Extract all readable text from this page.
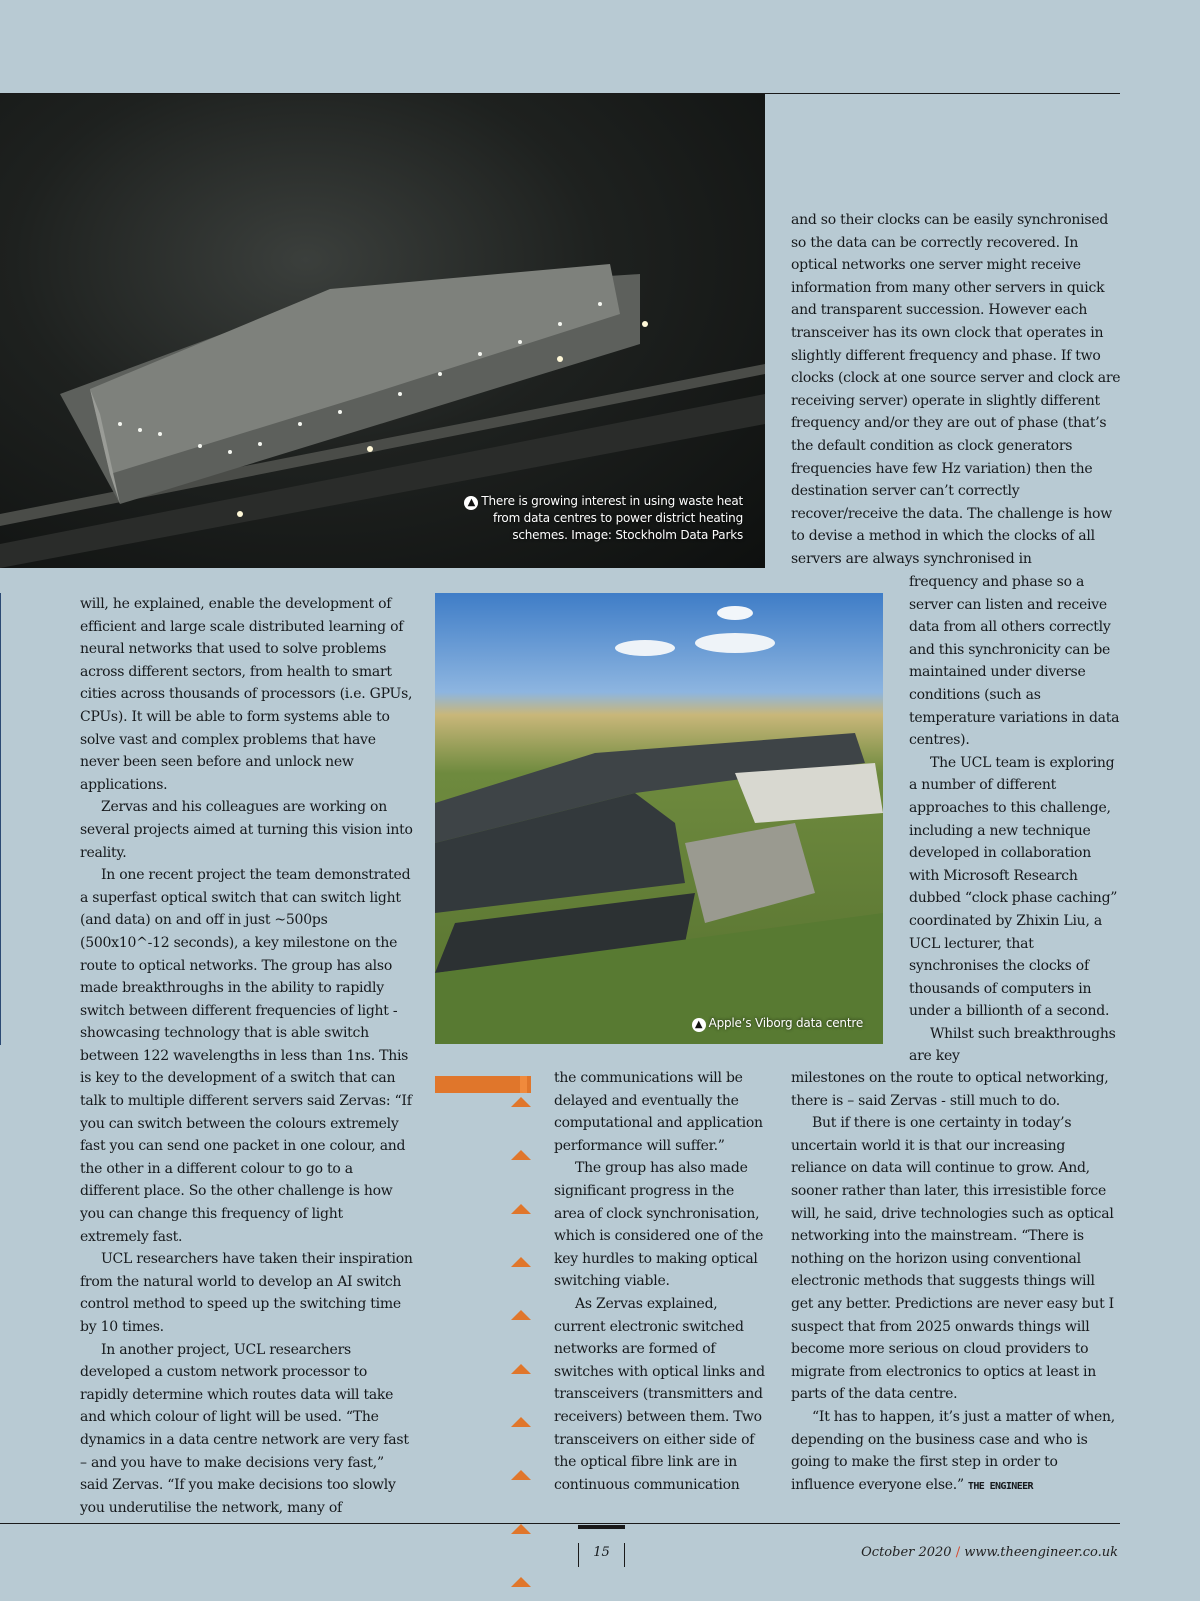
▲ There is growing interest in using waste heat from data centres to power district heating schemes. Image: Stockholm Data Parks
▲ Apple’s Viborg data centre

and so their clocks can be easily synchronised so the data can be correctly recovered. In optical networks one server might receive information from many other servers in quick and transparent succession. However each transceiver has its own clock that operates in slightly different frequency and phase. If two clocks (clock at one source server and clock are receiving server) operate in slightly different frequency and/or they are out of phase (that’s the default condition as clock generators frequencies have few Hz variation) then the destination server can’t correctly recover/receive the data. The challenge is how to devise a method in which the clocks of all servers are always synchronised in

frequency and phase so a server can listen and receive data from all others correctly and this synchronicity can be maintained under diverse conditions (such as temperature variations in data centres).

The UCL team is exploring a number of different approaches to this challenge, including a new technique developed in collaboration with Microsoft Research dubbed “clock phase caching” coordinated by Zhixin Liu, a UCL lecturer, that synchronises the clocks of thousands of computers in under a billionth of a second.

Whilst such breakthroughs are key

milestones on the route to optical networking, there is – said Zervas - still much to do.

But if there is one certainty in today’s uncertain world it is that our increasing reliance on data will continue to grow. And, sooner rather than later, this irresistible force will, he said, drive technologies such as optical networking into the mainstream. “There is nothing on the horizon using conventional electronic methods that suggests things will get any better. Predictions are never easy but I suspect that from 2025 onwards things will become more serious on cloud providers to migrate from electronics to optics at least in parts of the data centre.

“It has to happen, it’s just a matter of when, depending on the business case and who is going to make the first step in order to influence everyone else.” THE ENGINEER

will, he explained, enable the development of efficient and large scale distributed learning of neural networks that used to solve problems across different sectors, from health to smart cities across thousands of processors (i.e. GPUs, CPUs). It will be able to form systems able to solve vast and complex problems that have never been seen before and unlock new applications.

Zervas and his colleagues are working on several projects aimed at turning this vision into reality.

In one recent project the team demonstrated a superfast optical switch that can switch light (and data) on and off in just ~500ps (500x10^-12 seconds), a key milestone on the route to optical networks. The group has also made breakthroughs in the ability to rapidly switch between different frequencies of light - showcasing technology that is able switch between 122 wavelengths in less than 1ns. This is key to the development of a switch that can talk to multiple different servers said Zervas: “If you can switch between the colours extremely fast you can send one packet in one colour, and the other in a different colour to go to a different place. So the other challenge is how you can change this frequency of light extremely fast.

UCL researchers have taken their inspiration from the natural world to develop an AI switch control method to speed up the switching time by 10 times.

In another project, UCL researchers developed a custom network processor to rapidly determine which routes data will take and which colour of light will be used. “The dynamics in a data centre network are very fast – and you have to make decisions very fast,” said Zervas. “If you make decisions too slowly you underutilise the network, many of

the communications will be delayed and eventually the computational and application performance will suffer.”

The group has also made significant progress in the area of clock synchronisation, which is considered one of the key hurdles to making optical switching viable.

As Zervas explained, current electronic switched networks are formed of switches with optical links and transceivers (transmitters and receivers) between them. Two transceivers on either side of the optical fibre link are in continuous communication

15	October 2020 / www.theengineer.co.uk
